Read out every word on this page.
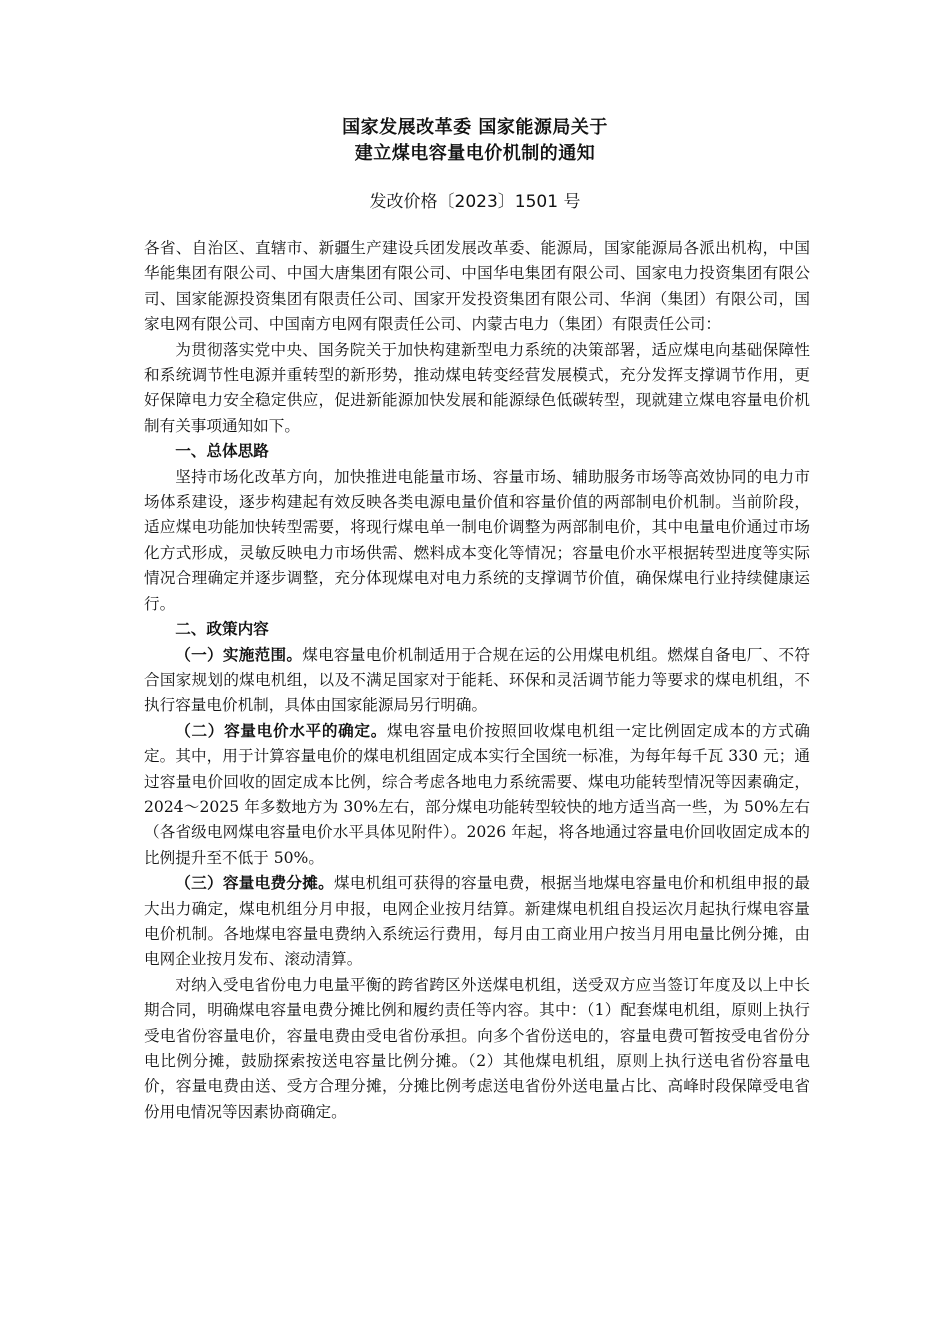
国家发展改革委 国家能源局关于
建立煤电容量电价机制的通知
发改价格〔2023〕1501 号

各省、自治区、直辖市、新疆生产建设兵团发展改革委、能源局，国家能源局各派出机构，中国华能集团有限公司、中国大唐集团有限公司、中国华电集团有限公司、国家电力投资集团有限公司、国家能源投资集团有限责任公司、国家开发投资集团有限公司、华润（集团）有限公司，国家电网有限公司、中国南方电网有限责任公司、内蒙古电力（集团）有限责任公司：

为贯彻落实党中央、国务院关于加快构建新型电力系统的决策部署，适应煤电向基础保障性和系统调节性电源并重转型的新形势，推动煤电转变经营发展模式，充分发挥支撑调节作用，更好保障电力安全稳定供应，促进新能源加快发展和能源绿色低碳转型，现就建立煤电容量电价机制有关事项通知如下。

一、总体思路

坚持市场化改革方向，加快推进电能量市场、容量市场、辅助服务市场等高效协同的电力市场体系建设，逐步构建起有效反映各类电源电量价值和容量价值的两部制电价机制。当前阶段，适应煤电功能加快转型需要，将现行煤电单一制电价调整为两部制电价，其中电量电价通过市场化方式形成，灵敏反映电力市场供需、燃料成本变化等情况；容量电价水平根据转型进度等实际情况合理确定并逐步调整，充分体现煤电对电力系统的支撑调节价值，确保煤电行业持续健康运行。

二、政策内容

（一）实施范围。煤电容量电价机制适用于合规在运的公用煤电机组。燃煤自备电厂、不符合国家规划的煤电机组，以及不满足国家对于能耗、环保和灵活调节能力等要求的煤电机组，不执行容量电价机制，具体由国家能源局另行明确。

（二）容量电价水平的确定。煤电容量电价按照回收煤电机组一定比例固定成本的方式确定。其中，用于计算容量电价的煤电机组固定成本实行全国统一标准，为每年每千瓦 330 元；通过容量电价回收的固定成本比例，综合考虑各地电力系统需要、煤电功能转型情况等因素确定，2024～2025 年多数地方为 30%左右，部分煤电功能转型较快的地方适当高一些，为 50%左右（各省级电网煤电容量电价水平具体见附件）。2026 年起，将各地通过容量电价回收固定成本的比例提升至不低于 50%。

（三）容量电费分摊。煤电机组可获得的容量电费，根据当地煤电容量电价和机组申报的最大出力确定，煤电机组分月申报，电网企业按月结算。新建煤电机组自投运次月起执行煤电容量电价机制。各地煤电容量电费纳入系统运行费用，每月由工商业用户按当月用电量比例分摊，由电网企业按月发布、滚动清算。

对纳入受电省份电力电量平衡的跨省跨区外送煤电机组，送受双方应当签订年度及以上中长期合同，明确煤电容量电费分摊比例和履约责任等内容。其中：（1）配套煤电机组，原则上执行受电省份容量电价，容量电费由受电省份承担。向多个省份送电的，容量电费可暂按受电省份分电比例分摊，鼓励探索按送电容量比例分摊。（2）其他煤电机组，原则上执行送电省份容量电价，容量电费由送、受方合理分摊，分摊比例考虑送电省份外送电量占比、高峰时段保障受电省份用电情况等因素协商确定。
